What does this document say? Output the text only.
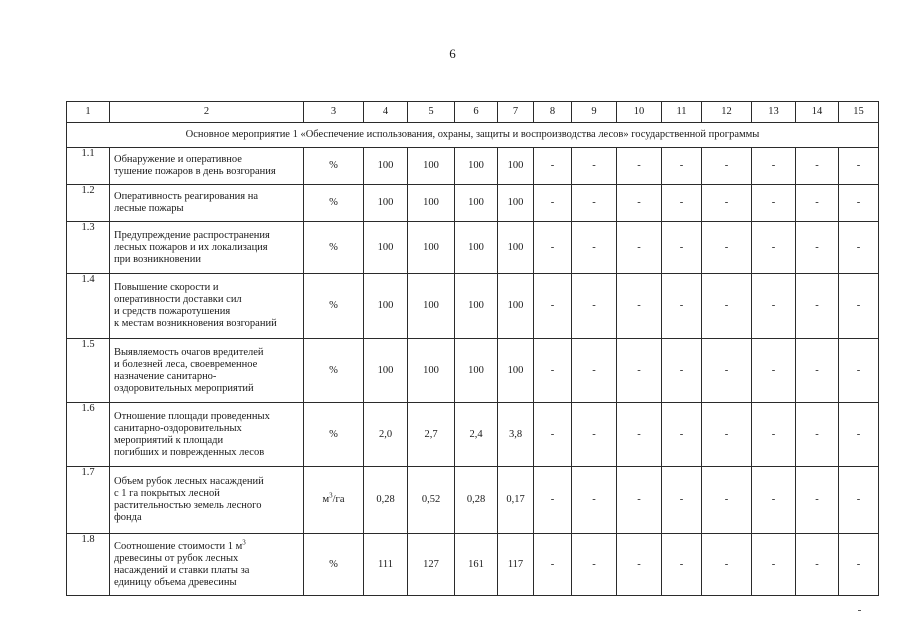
6
1	2	3	4	5	6	7	8	9	10	11	12	13	14	15
Основное мероприятие 1 «Обеспечение использования, охраны, защиты и воспроизводства лесов» государственной программы														
1.1	Обнаружение и оперативное
тушение пожаров в день возгорания	%	100	100	100	100	-	-	-	-	-	-	-	-
1.2	Оперативность реагирования на
лесные пожары	%	100	100	100	100	-	-	-	-	-	-	-	-
1.3	Предупреждение распространения
лесных пожаров и их локализация
при возникновении	%	100	100	100	100	-	-	-	-	-	-	-	-
1.4	Повышение скорости и
оперативности доставки сил
и средств пожаротушения
к местам возникновения возгораний	%	100	100	100	100	-	-	-	-	-	-	-	-
1.5	Выявляемость очагов вредителей
и болезней леса, своевременное
назначение санитарно-
оздоровительных мероприятий	%	100	100	100	100	-	-	-	-	-	-	-	-
1.6	Отношение площади проведенных
санитарно-оздоровительных
мероприятий к площади
погибших и поврежденных лесов	%	2,0	2,7	2,4	3,8	-	-	-	-	-	-	-	-
1.7	Объем рубок лесных насаждений
с 1 га покрытых лесной
растительностью земель лесного
фонда	$м^3/га$	0,28	0,52	0,28	0,17	-	-	-	-	-	-	-	-
1.8	Соотношение стоимости 1 $м^3$
древесины от рубок лесных
насаждений и ставки платы за
единицу объема древесины	%	111	127	161	117	-	-	-	-	-	-	-	-
